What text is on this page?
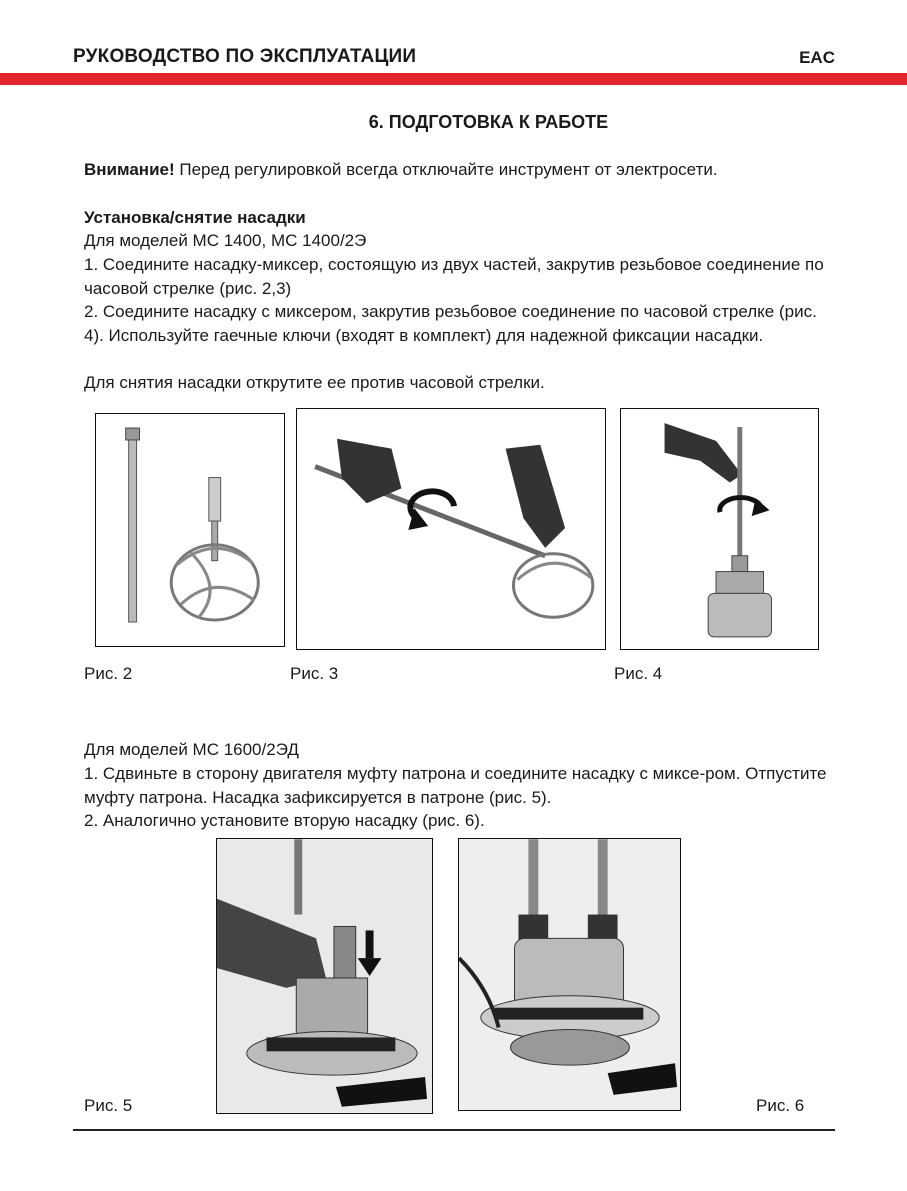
РУКОВОДСТВО ПО ЭКСПЛУАТАЦИИ	EAC
6. ПОДГОТОВКА К РАБОТЕ
Внимание! Перед регулировкой всегда отключайте инструмент от электросети.
Установка/снятие насадки
Для моделей МС 1400, МС 1400/2Э
1. Соедините насадку-миксер, состоящую из двух частей, закрутив резьбовое соединение по часовой стрелке (рис. 2,3)
2. Соедините насадку с миксером, закрутив резьбовое соединение по часовой стрелке (рис. 4). Используйте гаечные ключи (входят в комплект) для надежной фиксации насадки.
Для снятия насадки открутите ее против часовой стрелки.
Рис. 2	Рис. 3	Рис. 4
Для моделей МС 1600/2ЭД
1. Сдвиньте в сторону двигателя муфту патрона и соедините насадку с миксе-ром. Отпустите муфту патрона. Насадка зафиксируется в патроне (рис. 5).
2. Аналогично установите вторую насадку (рис. 6).
Рис. 5	Рис. 6
